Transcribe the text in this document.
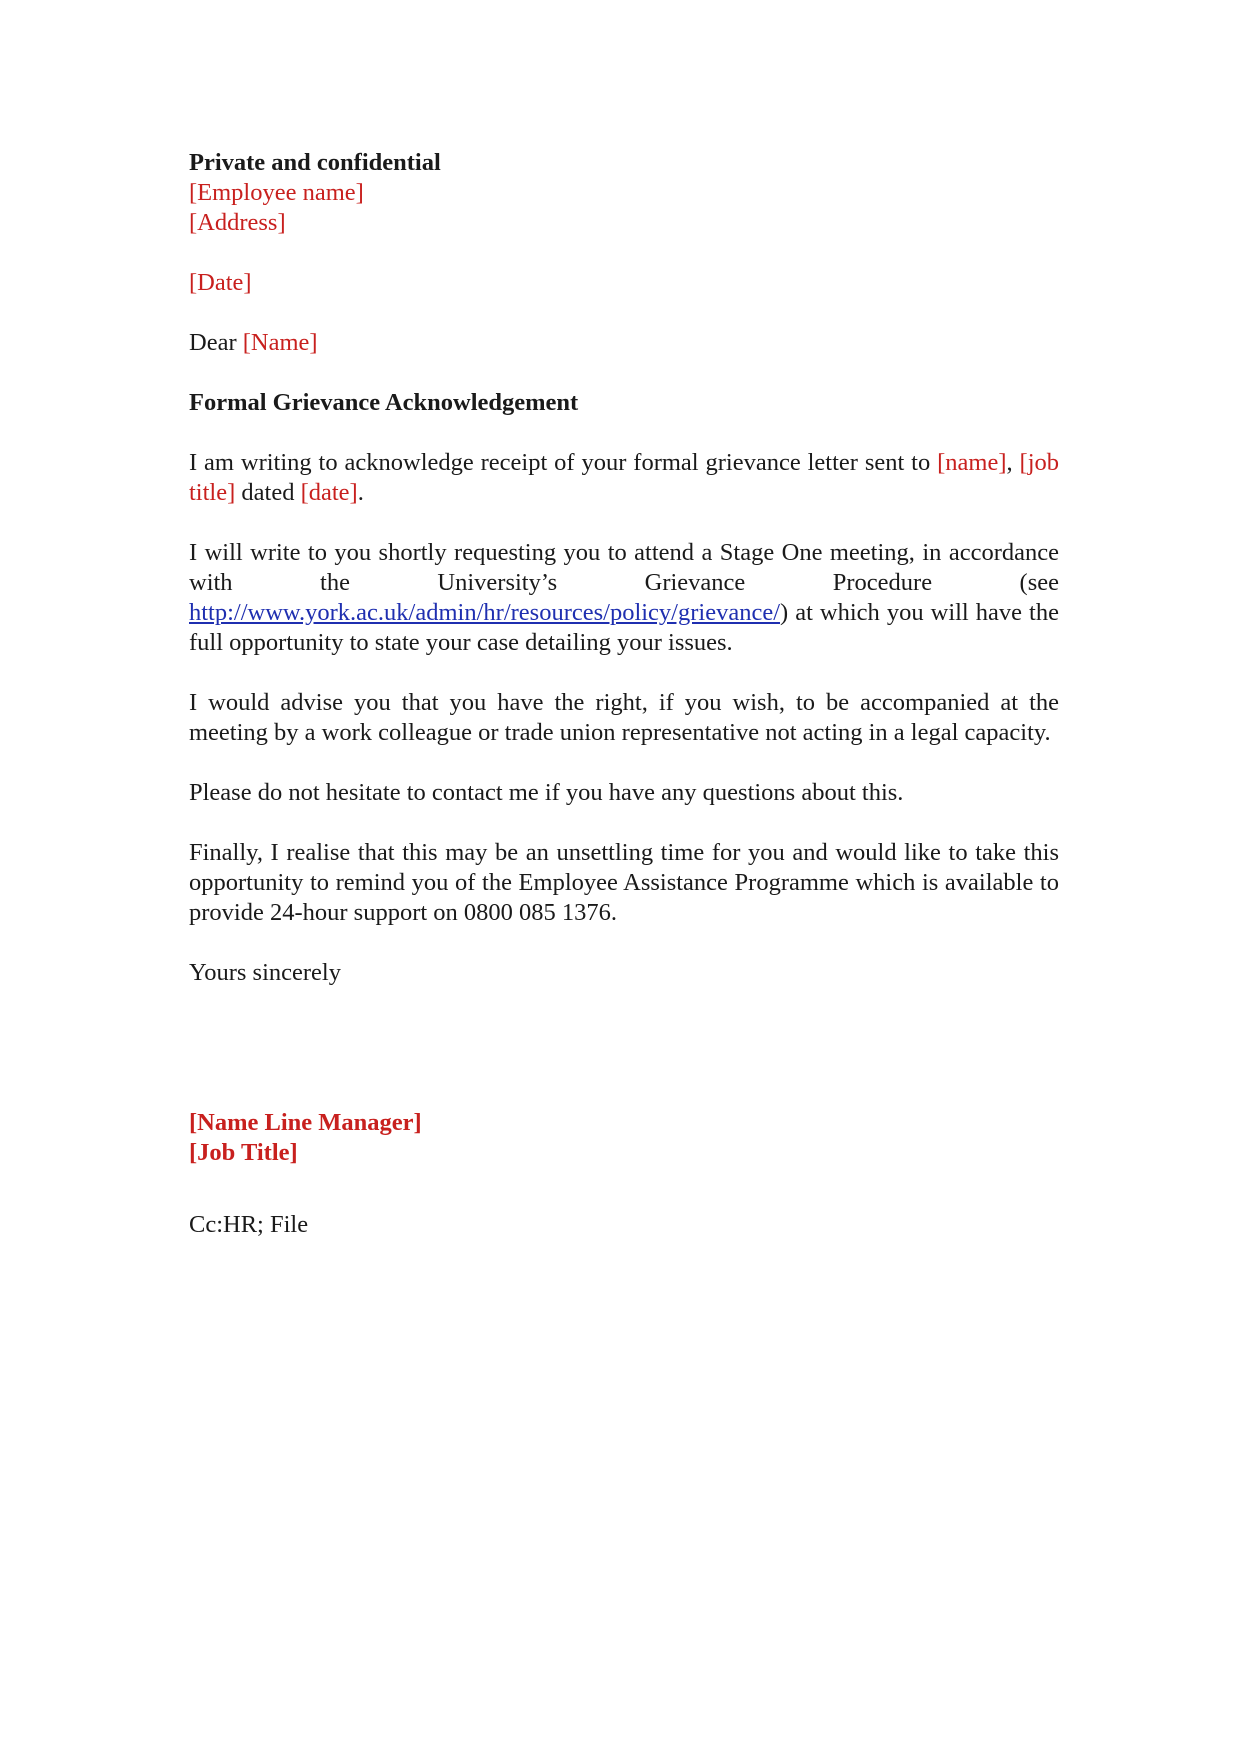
Private and confidential

[Employee name]

[Address]

[Date]

Dear [Name]

Formal Grievance Acknowledgement

I am writing to acknowledge receipt of your formal grievance letter sent to [name], [job title] dated [date].

I will write to you shortly requesting you to attend a Stage One meeting, in accordance with the University’s Grievance Procedure (see http://www.york.ac.uk/admin/hr/resources/policy/grievance/) at which you will have the full opportunity to state your case detailing your issues.

I would advise you that you have the right, if you wish, to be accompanied at the meeting by a work colleague or trade union representative not acting in a legal capacity.

Please do not hesitate to contact me if you have any questions about this.

Finally, I realise that this may be an unsettling time for you and would like to take this opportunity to remind you of the Employee Assistance Programme which is available to provide 24-hour support on 0800 085 1376.

Yours sincerely

[Name Line Manager]

[Job Title]

Cc:HR; File
